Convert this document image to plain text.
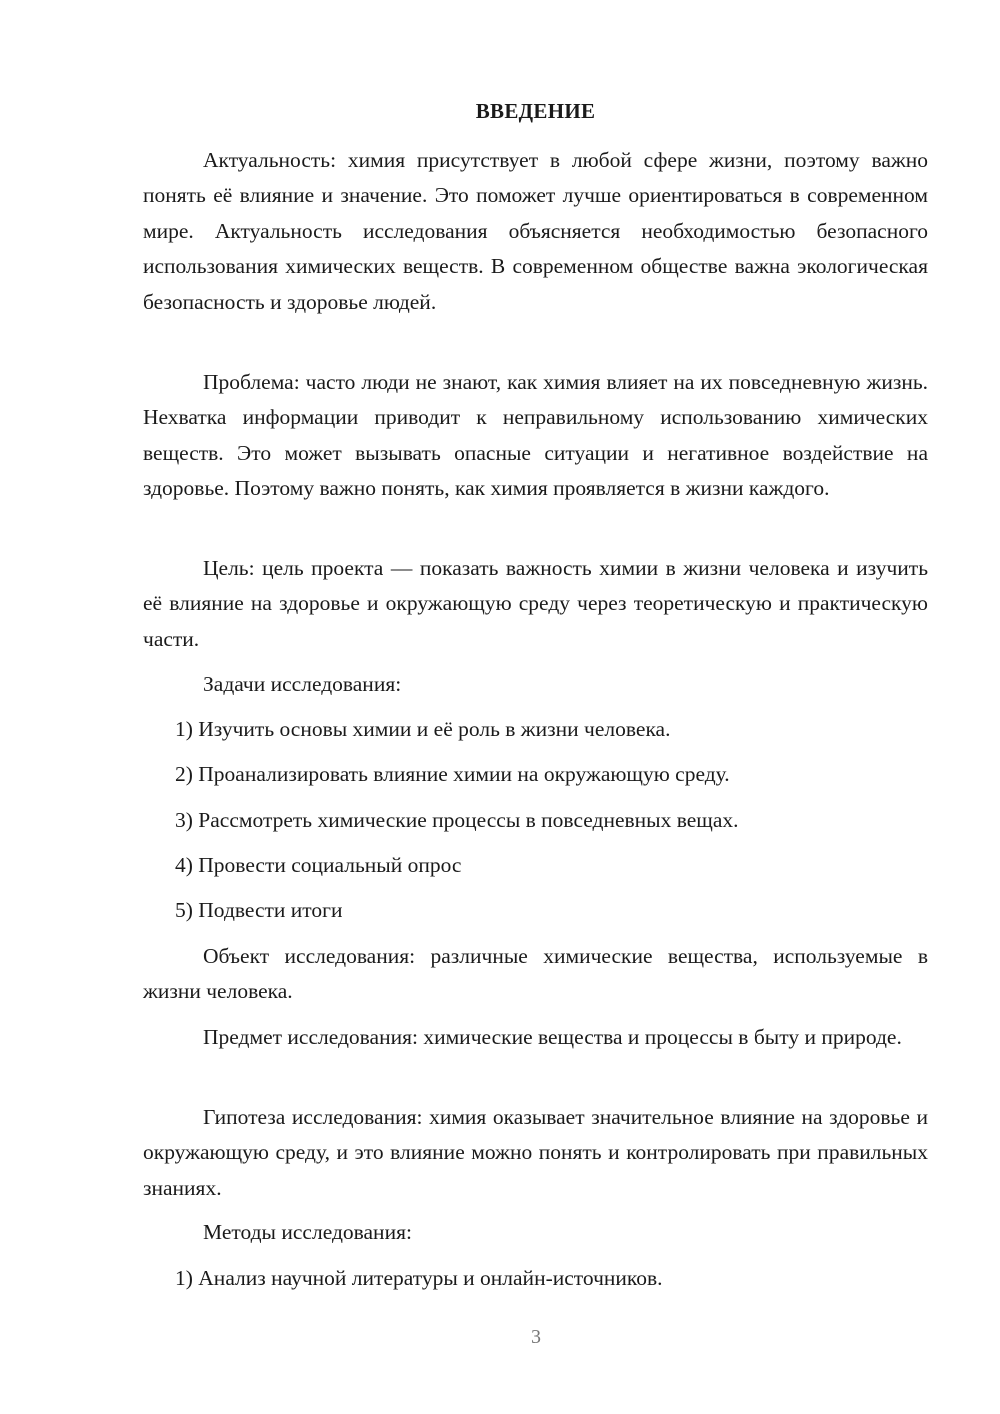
ВВЕДЕНИЕ

Актуальность: химия присутствует в любой сфере жизни, поэтому важно понять её влияние и значение. Это поможет лучше ориентироваться в современном мире. Актуальность исследования объясняется необходимостью безопасного использования химических веществ. В современном обществе важна экологическая безопасность и здоровье людей.

Проблема: часто люди не знают, как химия влияет на их повседневную жизнь. Нехватка информации приводит к неправильному использованию химических веществ. Это может вызывать опасные ситуации и негативное воздействие на здоровье. Поэтому важно понять, как химия проявляется в жизни каждого.

Цель: цель проекта — показать важность химии в жизни человека и изучить её влияние на здоровье и окружающую среду через теоретическую и практическую части.

Задачи исследования:

1) Изучить основы химии и её роль в жизни человека.

2) Проанализировать влияние химии на окружающую среду.

3) Рассмотреть химические процессы в повседневных вещах.

4) Провести социальный опрос

5) Подвести итоги

Объект исследования: различные химические вещества, используемые в жизни человека.

Предмет исследования: химические вещества и процессы в быту и природе.

Гипотеза исследования: химия оказывает значительное влияние на здоровье и окружающую среду, и это влияние можно понять и контролировать при правильных знаниях.

Методы исследования:

1) Анализ научной литературы и онлайн-источников.

3
